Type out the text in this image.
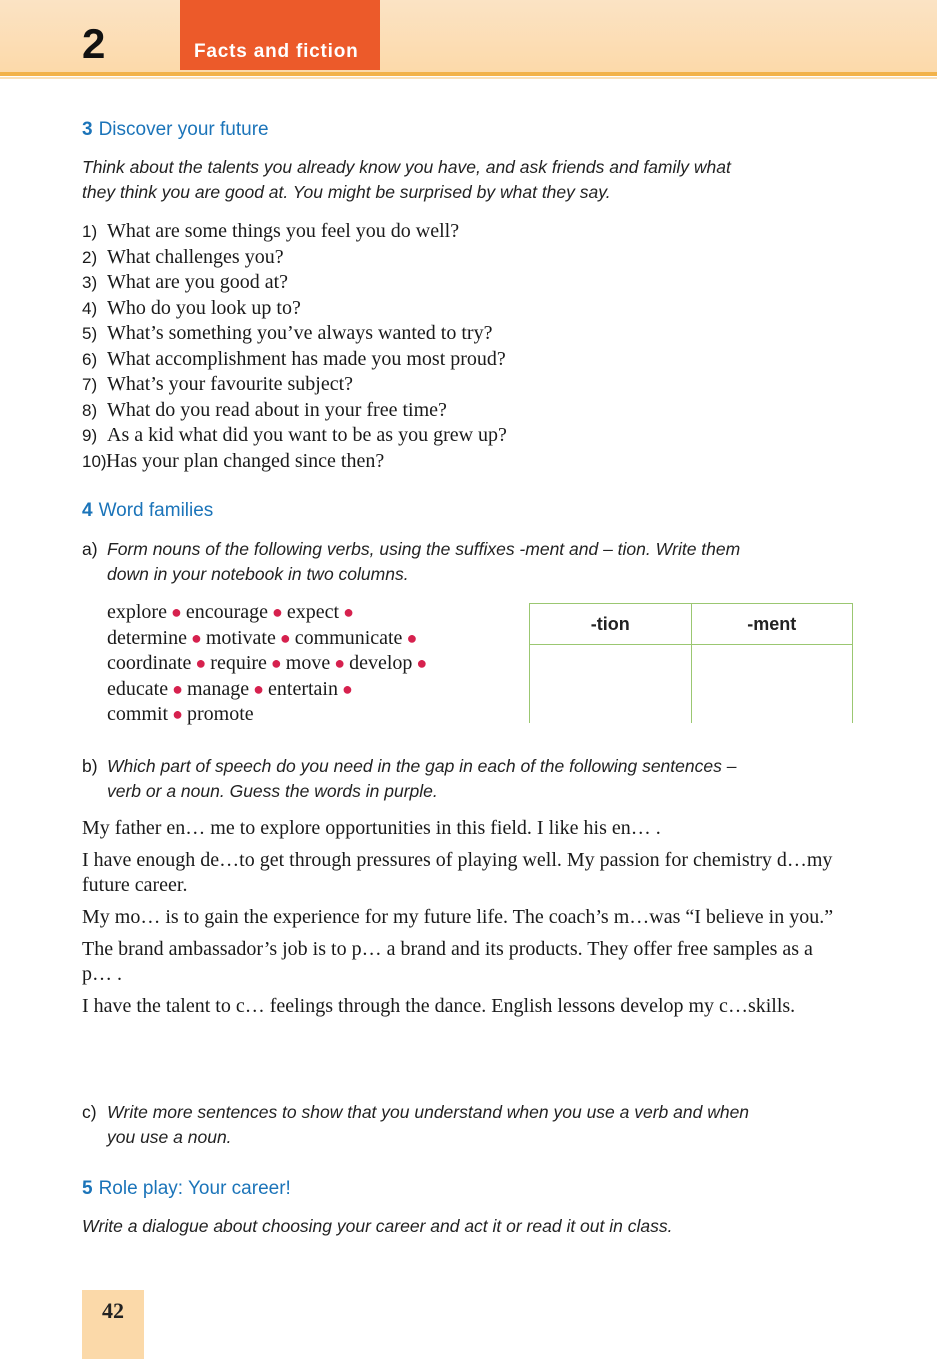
2	Facts and fiction
3 Discover your future
Think about the talents you already know you have, and ask friends and family what
they think you are good at. You might be surprised by what they say.
1) What are some things you feel you do well?
2) What challenges you?
3) What are you good at?
4) Who do you look up to?
5) What’s something you’ve always wanted to try?
6) What accomplishment has made you most proud?
7) What’s your favourite subject?
8) What do you read about in your free time?
9) As a kid what did you want to be as you grew up?
10)Has your plan changed since then?
4 Word families
a) Form nouns of the following verbs, using the suffixes -ment and – tion. Write them
down in your notebook in two columns.
explore ● encourage ● expect ●
determine ● motivate ● communicate ●
coordinate ● require ● move ● develop ●
educate ● manage ● entertain ●
commit ● promote
-tion	-ment

b) Which part of speech do you need in the gap in each of the following sentences –
verb or a noun. Guess the words in purple.
My father en… me to explore opportunities in this field. I like his en… .
I have enough de…to get through pressures of playing well. My passion for chemistry d…my future career.
My mo… is to gain the experience for my future life. The coach’s m…was “I believe in you.”
The brand ambassador’s job is to p… a brand and its products. They offer free samples as a p… .
I have the talent to c… feelings through the dance. English lessons develop my c…skills.
c) Write more sentences to show that you understand when you use a verb and when
you use a noun.
5 Role play: Your career!
Write a dialogue about choosing your career and act it or read it out in class.
42
